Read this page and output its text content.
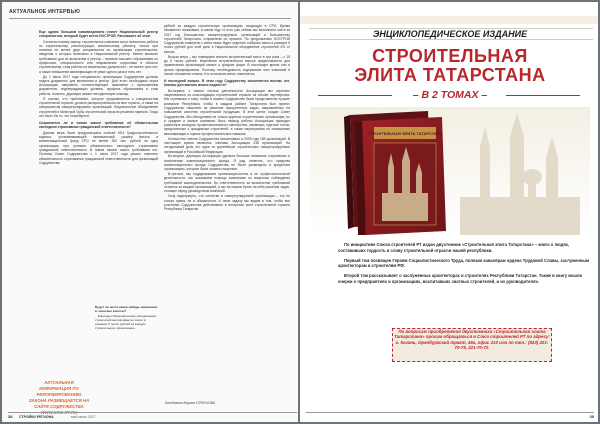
АКТУАЛЬНОЕ ИНТЕРВЬЮ

Еще одним большим нововведением станет Национальный реестр специалистов, который будет вести НОСТРОЙ. Расскажите об этом.

Согласно новому закону, строительные компании могут выполнять работы по строительству, реконструкции, капитальному ремонту, только при наличии не менее двух специалистов по организации строительства, сведения о которых включены в Национальный реестр. Менее мальнее требование для их включения в реестр – наличие высшего образования по профессии, специальности или направлению подготовки в области строительства, стаж работы на инженерных должностях – не менее трех лет, а также повышение квалификации не реже одного раза в пять лет.

До 1 июля 2017 года специалисты организации Содружества должны подать документы для включения в реестр. Для этого необходимо через Ассоциацию направить соответствующее заявление с приложением документов, подтверждающих уровень, профиль образования и стаж работы. Конечно, дирекция окажет методическую помощь.

Я считаю, что требование, которое предъявляется к специалистам строительной отрасли, должно распространяться на всю отрасль, а также на специалистов саморегулируемых организаций. Национальное объединение строителей и Минстрой Чубы строительной отрасли решения приняли. Тогда это было бы то, что потребуется.

Сохраняется ли в новом законе требование об обязательном ежегодном страховании гражданской ответственности?

Данная мера была предусмотрена статьей 55.4 Градостроительного кодекса, устанавливающей минимальный размер взноса в компенсационный фонд СРО не менее 300 тыс. рублей на одну организацию при условии обязательного ежегодного страхования гражданской ответственности. В новом законе такого требования нет. Поэтому Совет Содружества с 1 июля 2017 года решил отменить обязательность страхования гражданской ответственности для организаций Содружества.

рублей за каждую строительную организацию, входящую в СРО. Время неизменно показывает, в каком году то есть уже сейчас мы выполнили счета за 2017 год большинство саморегулируемых организаций и большинство строителей Татарстана, отправлены по причине. По предложению НОСТРОЙ Содружество намерено с июля также будет отделять собирать взнос в размере 5 тысяч рублей для этой цели в Национальное объединение строителей 2% от взноса.

Вторая мера – мы планируем снизить вступительный взнос в три раза – с 15 до 5 тысяч рублей. Изменения вступительного взноса предполагается для привлечения организаций малых и средних форм. В настоящее время они в целом сформированы. Поэтому, необходимость содержания этих компаний в таком отношении отпала. И в остальном взнос отменяется.

И последний вопрос. В этом году Содружеству исполняется восемь лет. Каковы достижения можно подвести?

Во-первых, с самого начала деятельности Ассоциации мы серьезно нацеливались на консолидацию строительной отрасли на основе партнерства. Мы стремимся к тому, чтобы в нашем Содружестве были представлены лучшие компании Республики, чтобы в каждом районе Татарстана был принят. Содружество нацелено на решение приоритетных задач, направленных на повышение качества строительной продукции. В этих целях создан Совет Содружества. Мы объединяем не только крупные строительные организации, но и средние и малые компании. Весь период работы Ассоциация проводит различные конкурсы профессионального мастерства, семинары, круглые столы, приуроченные к праздникам строителей, а также мероприятия по повышению квалификации и оценке профессиональных навыков.

Количество членов Содружества насчитывало в 2009 году 189 организаций. В настоящее время являются членами Ассоциации 236 организаций. На сегодняшний день это одна из крупнейших строительных саморегулируемых организаций в Российской Федерации.

Во-вторых, дирекция Ассоциации уделяла большое внимание сохранению и пополнению компенсационного фонда. Я рад отметить, что средства компенсационного фонда Содружества не были размещены в кредитных организациях, которые были лишены лицензии.

В-третьих, мы поддерживаем организации-члены в их профессиональной деятельности, мы оказываем помощь компаниям по вопросам соблюдения требований законодательства. Но ответственность за выполнение требований остается за каждой организацией, и мы не можем брать на себя решение задач, стоящих перед руководством компаний.

Хочу подчеркнуть, что членство в саморегулируемой организации – это не только права, но и обязанности. И свою задачу мы видим в том, чтобы все участники Содружества действовали в интересах всей строительной отрасли Республики Татарстан.

АКТУАЛЬНАЯ ИНФОРМАЦИЯ ПО РЕФОРМИРОВАНИЮ ЗАКОНА РАЗМЕЩАЕТСЯ НА САЙТЕ СОДРУЖЕСТВА WWW.SRO-RT.RU

Будут ли нести какие-нибудь изменения в членские взносы?

Ежегодно Национальному объединению строителей выплачивается взнос в размере 5 тысяч рублей за каждую строительную организацию.

Беседовала Марина ГОРБУНОВА
38 СТРОЙКИ РЕГИОНА	май-июнь 2017
ЭНЦИКЛОПЕДИЧЕСКОЕ ИЗДАНИЕ
СТРОИТЕЛЬНАЯ
ЭЛИТА ТАТАРСТАНА
– В 2 ТОМАХ –
СТРОИТЕЛЬНАЯ ЭЛИТА ТАТАРСТАНА

По инициативе Союза строителей РТ издан двухтомник «Строительная элита Татарстана» – книга о людях, составивших гордость и славу строительной отрасли нашей республики.

Первый том посвящен Героям Социалистического Труда, полным кавалерам ордена Трудовой Славы, заслуженным архитекторам и строителям РФ.

Второй том рассказывает о заслуженных архитекторах и строителях Республики Татарстан. Также в книгу вошли очерки о предприятиях и организациях, воспитавших знатных строителей, и их руководителях.

По вопросам приобретения двухтомника «Строительная элита Татарстана» просим обращаться в Союз строителей РТ по адресу: г. Казань, Оренбургский тракт, 46а, офис 210 или по тел.: (843) 221-70-75, 221-70-72.
39
